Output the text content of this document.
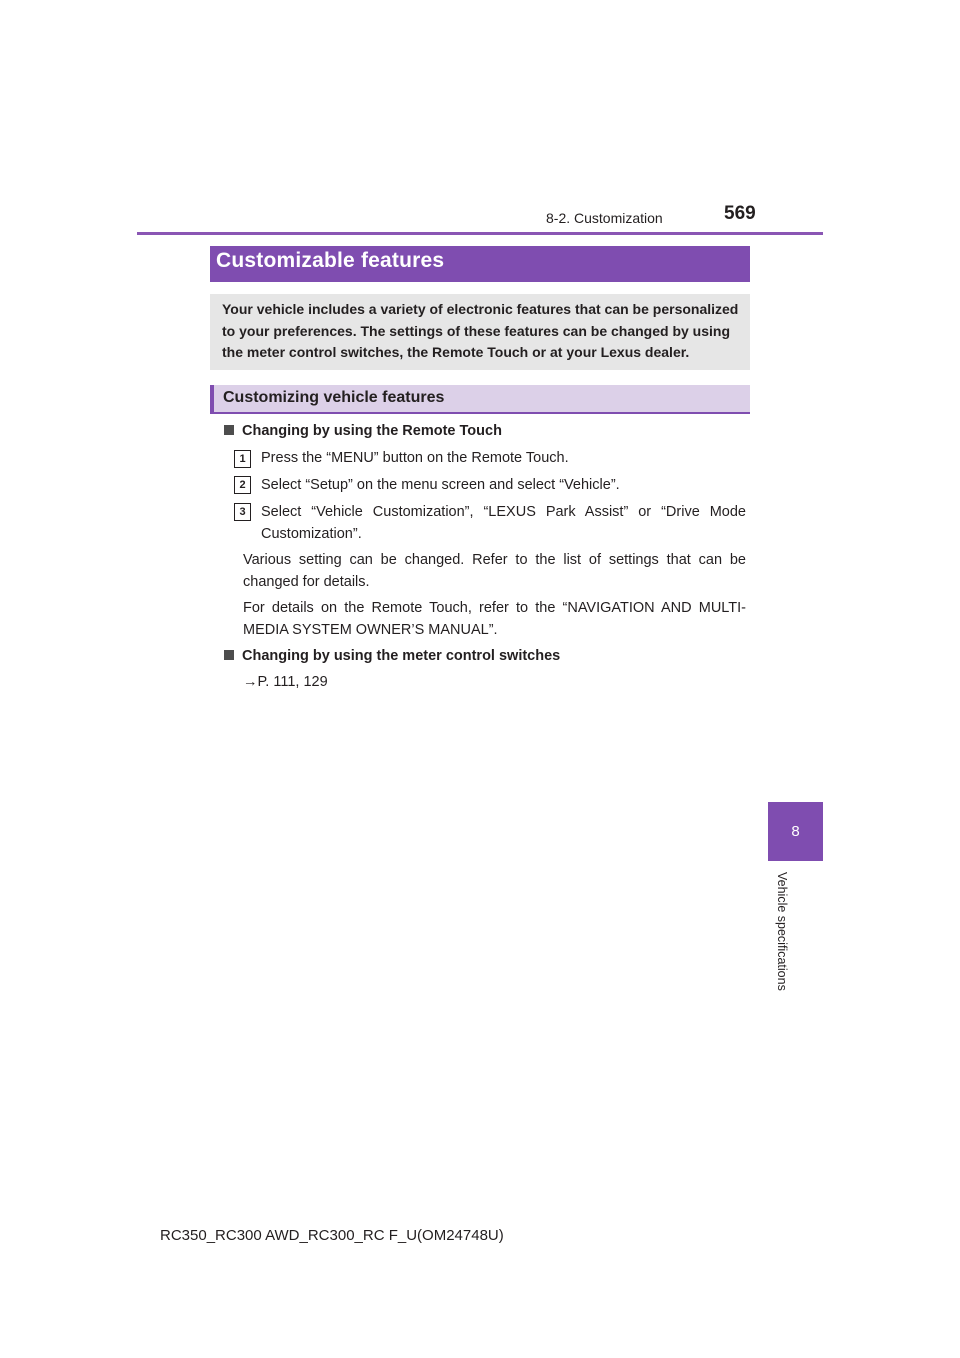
8-2. Customization	569
8
Vehicle specifications
Customizable features

Your vehicle includes a variety of electronic features that can be personalized to your preferences. The settings of these features can be changed by using the meter control switches, the Remote Touch or at your Lexus dealer.

Customizing vehicle features
Changing by using the Remote Touch
1	Press the “MENU” button on the Remote Touch.
2	Select “Setup” on the menu screen and select “Vehicle”.
3	Select “Vehicle Customization”, “LEXUS Park Assist” or “Drive Mode Customization”.
Various setting can be changed. Refer to the list of settings that can be changed for details.
For details on the Remote Touch, refer to the “NAVIGATION AND MULTI-MEDIA SYSTEM OWNER’S MANUAL”.
Changing by using the meter control switches
→P. 111, 129
RC350_RC300 AWD_RC300_RC F_U(OM24748U)
